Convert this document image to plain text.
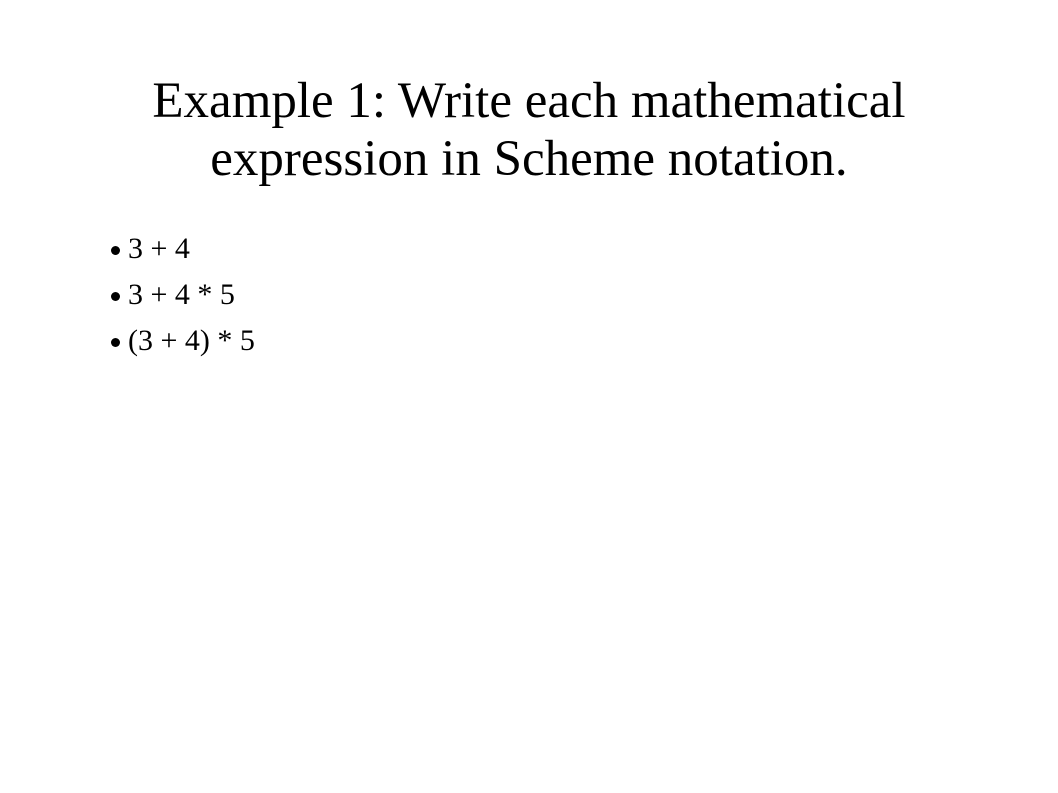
Example 1: Write each mathematical
expression in Scheme notation.
3 + 4
3 + 4 * 5
(3 + 4) * 5
